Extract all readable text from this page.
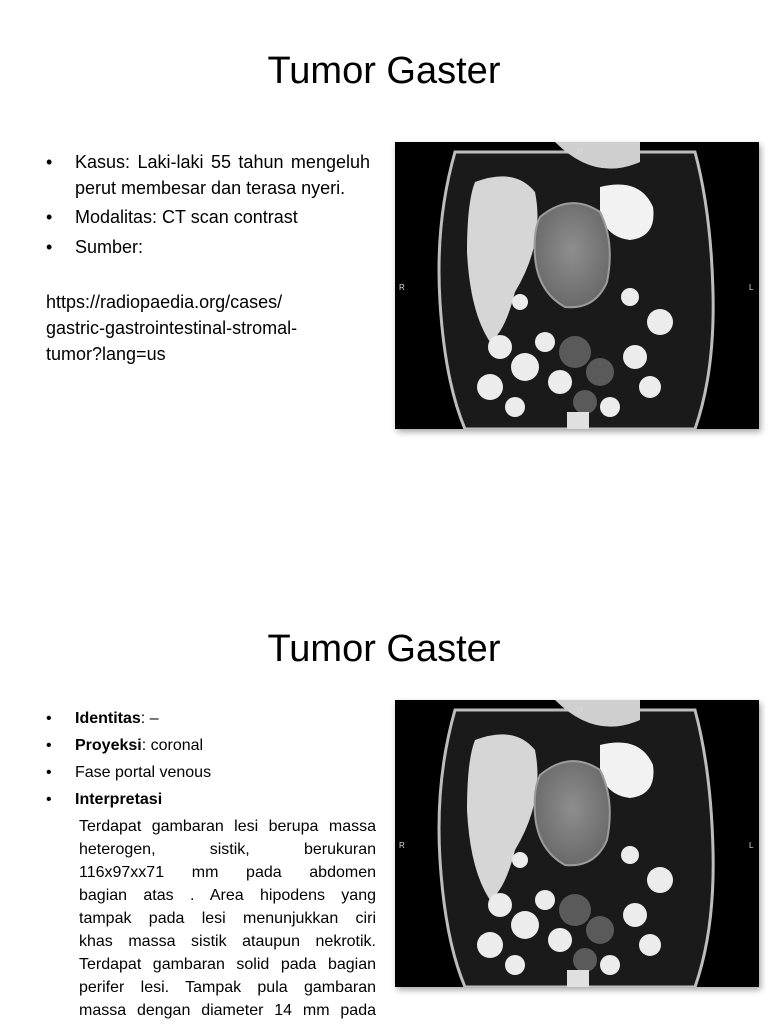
Tumor Gaster
• Kasus: Laki-laki 55 tahun mengeluh perut membesar dan terasa nyeri.
• Modalitas: CT scan contrast
• Sumber:
https://radiopaedia.org/cases/
gastric-gastrointestinal-stromal-
tumor?lang=us
H
R	L
Tumor Gaster
• Identitas: –
• Proyeksi: coronal
• Fase portal venous
• Interpretasi
Terdapat gambaran lesi berupa massa
heterogen, sistik, berukuran
116x97xx71 mm pada abdomen
bagian atas . Area hipodens yang
tampak pada lesi menunjukkan ciri
khas massa sistik ataupun nekrotik.
Terdapat gambaran solid pada bagian
perifer lesi. Tampak pula gambaran
massa dengan diameter 14 mm pada
H
R	L
